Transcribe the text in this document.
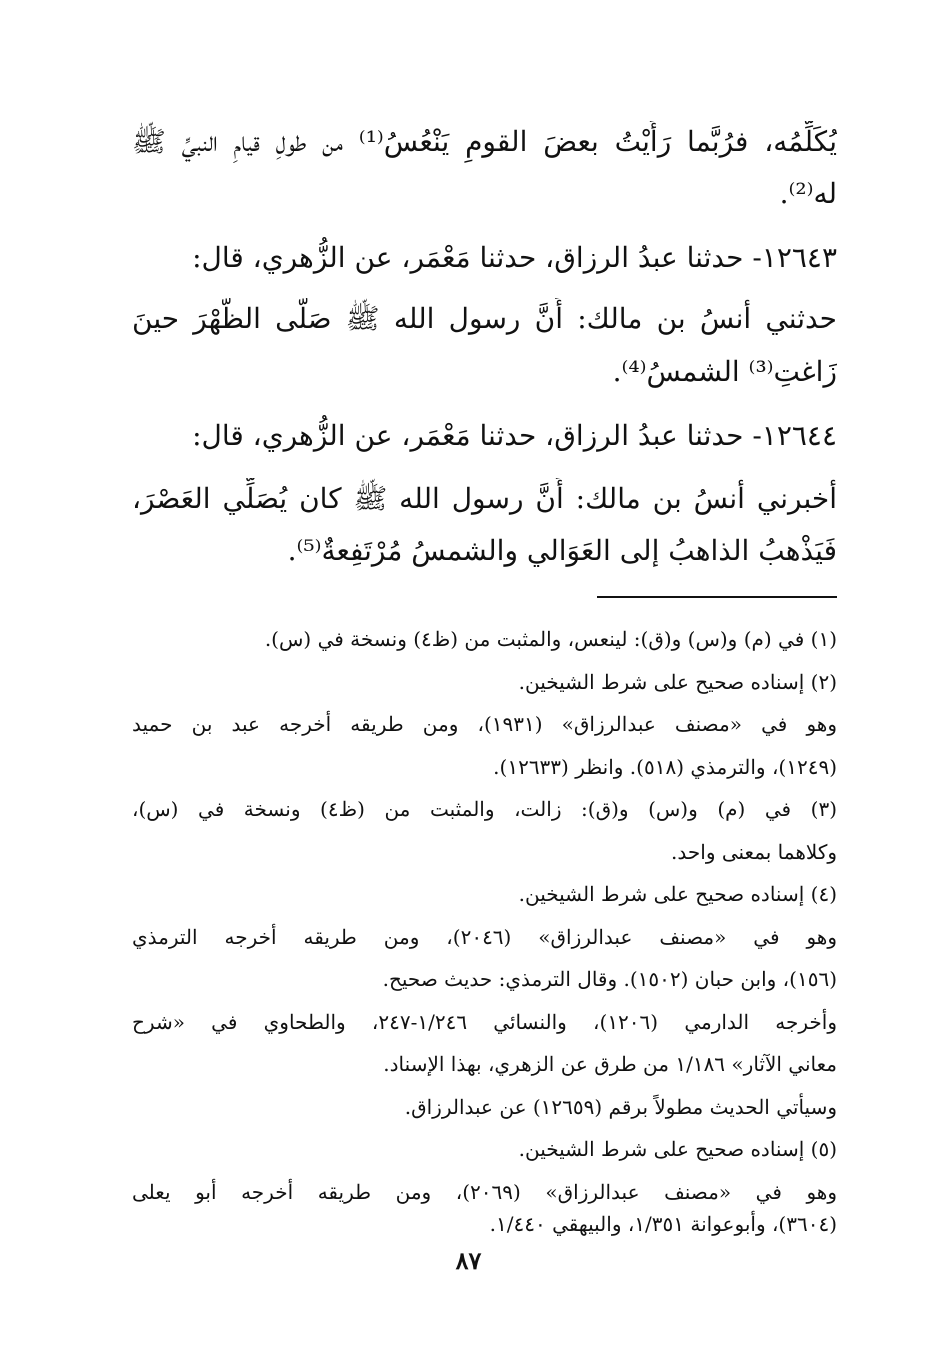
يُكَلِّمُه، فرُبَّما رَأَيْتُ بعضَ القومِ يَنْعُسُ⁽¹⁾ من طولِ قيامِ النبيِّ ﷺ
له⁽²⁾.
١٢٦٤٣- حدثنا عبدُ الرزاق، حدثنا مَعْمَر، عن الزُّهري، قال:
حدثني أنسُ بن مالك: أَنَّ رسول الله ﷺ صَلَّى الظُّهْرَ حينَ
زَاغتِ⁽³⁾ الشمسُ⁽⁴⁾.
١٢٦٤٤- حدثنا عبدُ الرزاق، حدثنا مَعْمَر، عن الزُّهري، قال:
أخبرني أنسُ بن مالك: أَنَّ رسول الله ﷺ كان يُصَلِّي العَصْرَ،
فَيَذْهبُ الذاهبُ إلى العَوَالي والشمسُ مُرْتَفِعةٌ⁽⁵⁾.
(١) في (م) و(س) و(ق): لينعس، والمثبت من (ظ٤) ونسخة في (س).
(٢) إسناده صحيح على شرط الشيخين.
وهو في «مصنف عبدالرزاق» (١٩٣١)، ومن طريقه أخرجه عبد بن حميد
(١٢٤٩)، والترمذي (٥١٨). وانظر (١٢٦٣٣).
(٣) في (م) و(س) و(ق): زالت، والمثبت من (ظ٤) ونسخة في (س)،
وكلاهما بمعنى واحد.
(٤) إسناده صحيح على شرط الشيخين.
وهو في «مصنف عبدالرزاق» (٢٠٤٦)، ومن طريقه أخرجه الترمذي
(١٥٦)، وابن حبان (١٥٠٢). وقال الترمذي: حديث صحيح.
وأخرجه الدارمي (١٢٠٦)، والنسائي ١/٢٤٦-٢٤٧، والطحاوي في «شرح
معاني الآثار» ١/١٨٦ من طرق عن الزهري، بهذا الإسناد.
وسيأتي الحديث مطولاً برقم (١٢٦٥٩) عن عبدالرزاق.
(٥) إسناده صحيح على شرط الشيخين.
وهو في «مصنف عبدالرزاق» (٢٠٦٩)، ومن طريقه أخرجه أبو يعلى
(٣٦٠٤)، وأبوعوانة ١/٣٥١، والبيهقي ١/٤٤٠.
٨٧
